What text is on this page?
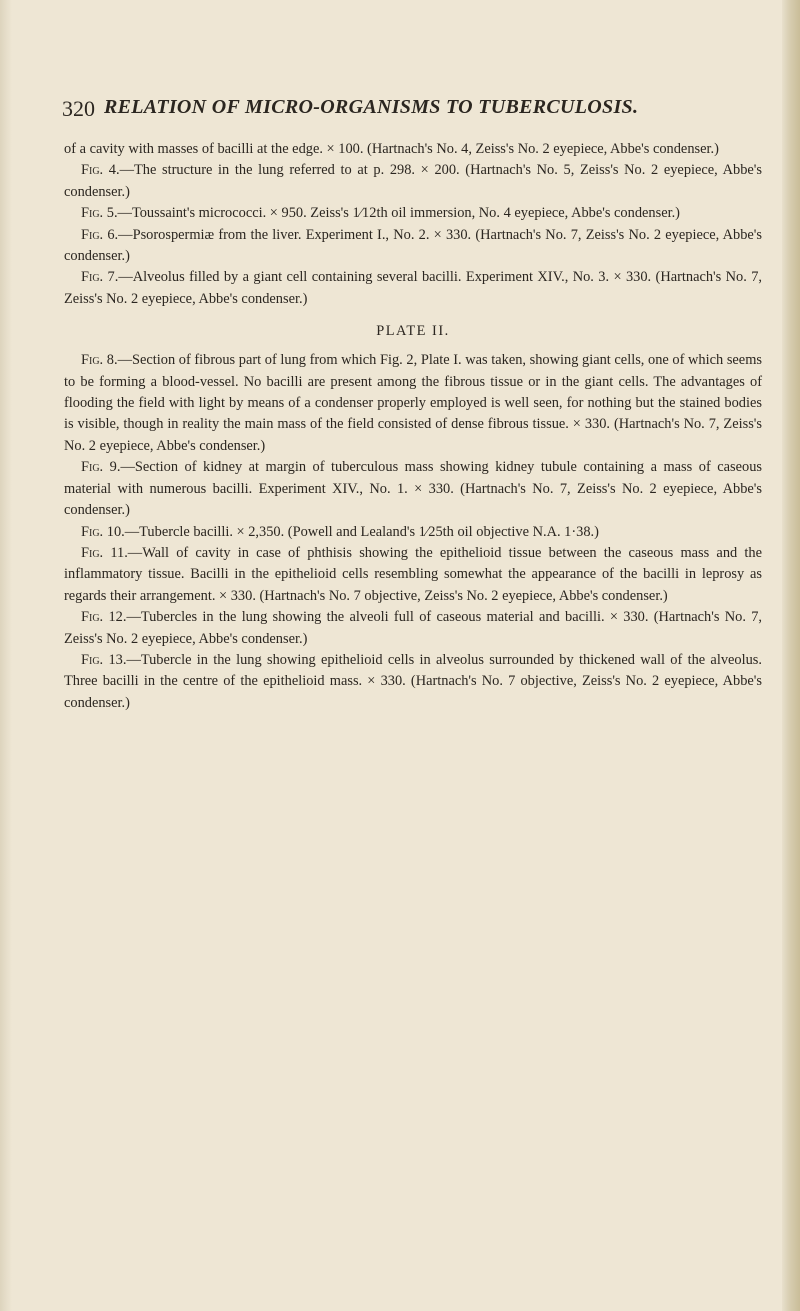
320 RELATION OF MICRO-ORGANISMS TO TUBERCULOSIS.

of a cavity with masses of bacilli at the edge. × 100. (Hartnach's No. 4, Zeiss's No. 2 eyepiece, Abbe's condenser.)

Fig. 4.—The structure in the lung referred to at p. 298. × 200. (Hartnach's No. 5, Zeiss's No. 2 eyepiece, Abbe's condenser.)

Fig. 5.—Toussaint's micrococci. × 950. Zeiss's 1⁄12th oil immersion, No. 4 eyepiece, Abbe's condenser.)

Fig. 6.—Psorospermiæ from the liver. Experiment I., No. 2. × 330. (Hartnach's No. 7, Zeiss's No. 2 eyepiece, Abbe's condenser.)

Fig. 7.—Alveolus filled by a giant cell containing several bacilli. Experiment XIV., No. 3. × 330. (Hartnach's No. 7, Zeiss's No. 2 eyepiece, Abbe's condenser.)

PLATE II.

Fig. 8.—Section of fibrous part of lung from which Fig. 2, Plate I. was taken, showing giant cells, one of which seems to be forming a blood-vessel. No bacilli are present among the fibrous tissue or in the giant cells. The advantages of flooding the field with light by means of a condenser properly employed is well seen, for nothing but the stained bodies is visible, though in reality the main mass of the field consisted of dense fibrous tissue. × 330. (Hartnach's No. 7, Zeiss's No. 2 eyepiece, Abbe's condenser.)

Fig. 9.—Section of kidney at margin of tuberculous mass showing kidney tubule containing a mass of caseous material with numerous bacilli. Experiment XIV., No. 1. × 330. (Hartnach's No. 7, Zeiss's No. 2 eyepiece, Abbe's condenser.)

Fig. 10.—Tubercle bacilli. × 2,350. (Powell and Lealand's 1⁄25th oil objective N.A. 1·38.)

Fig. 11.—Wall of cavity in case of phthisis showing the epithelioid tissue between the caseous mass and the inflammatory tissue. Bacilli in the epithelioid cells resembling somewhat the appearance of the bacilli in leprosy as regards their arrangement. × 330. (Hartnach's No. 7 objective, Zeiss's No. 2 eyepiece, Abbe's condenser.)

Fig. 12.—Tubercles in the lung showing the alveoli full of caseous material and bacilli. × 330. (Hartnach's No. 7, Zeiss's No. 2 eyepiece, Abbe's condenser.)

Fig. 13.—Tubercle in the lung showing epithelioid cells in alveolus surrounded by thickened wall of the alveolus. Three bacilli in the centre of the epithelioid mass. × 330. (Hartnach's No. 7 objective, Zeiss's No. 2 eyepiece, Abbe's condenser.)
